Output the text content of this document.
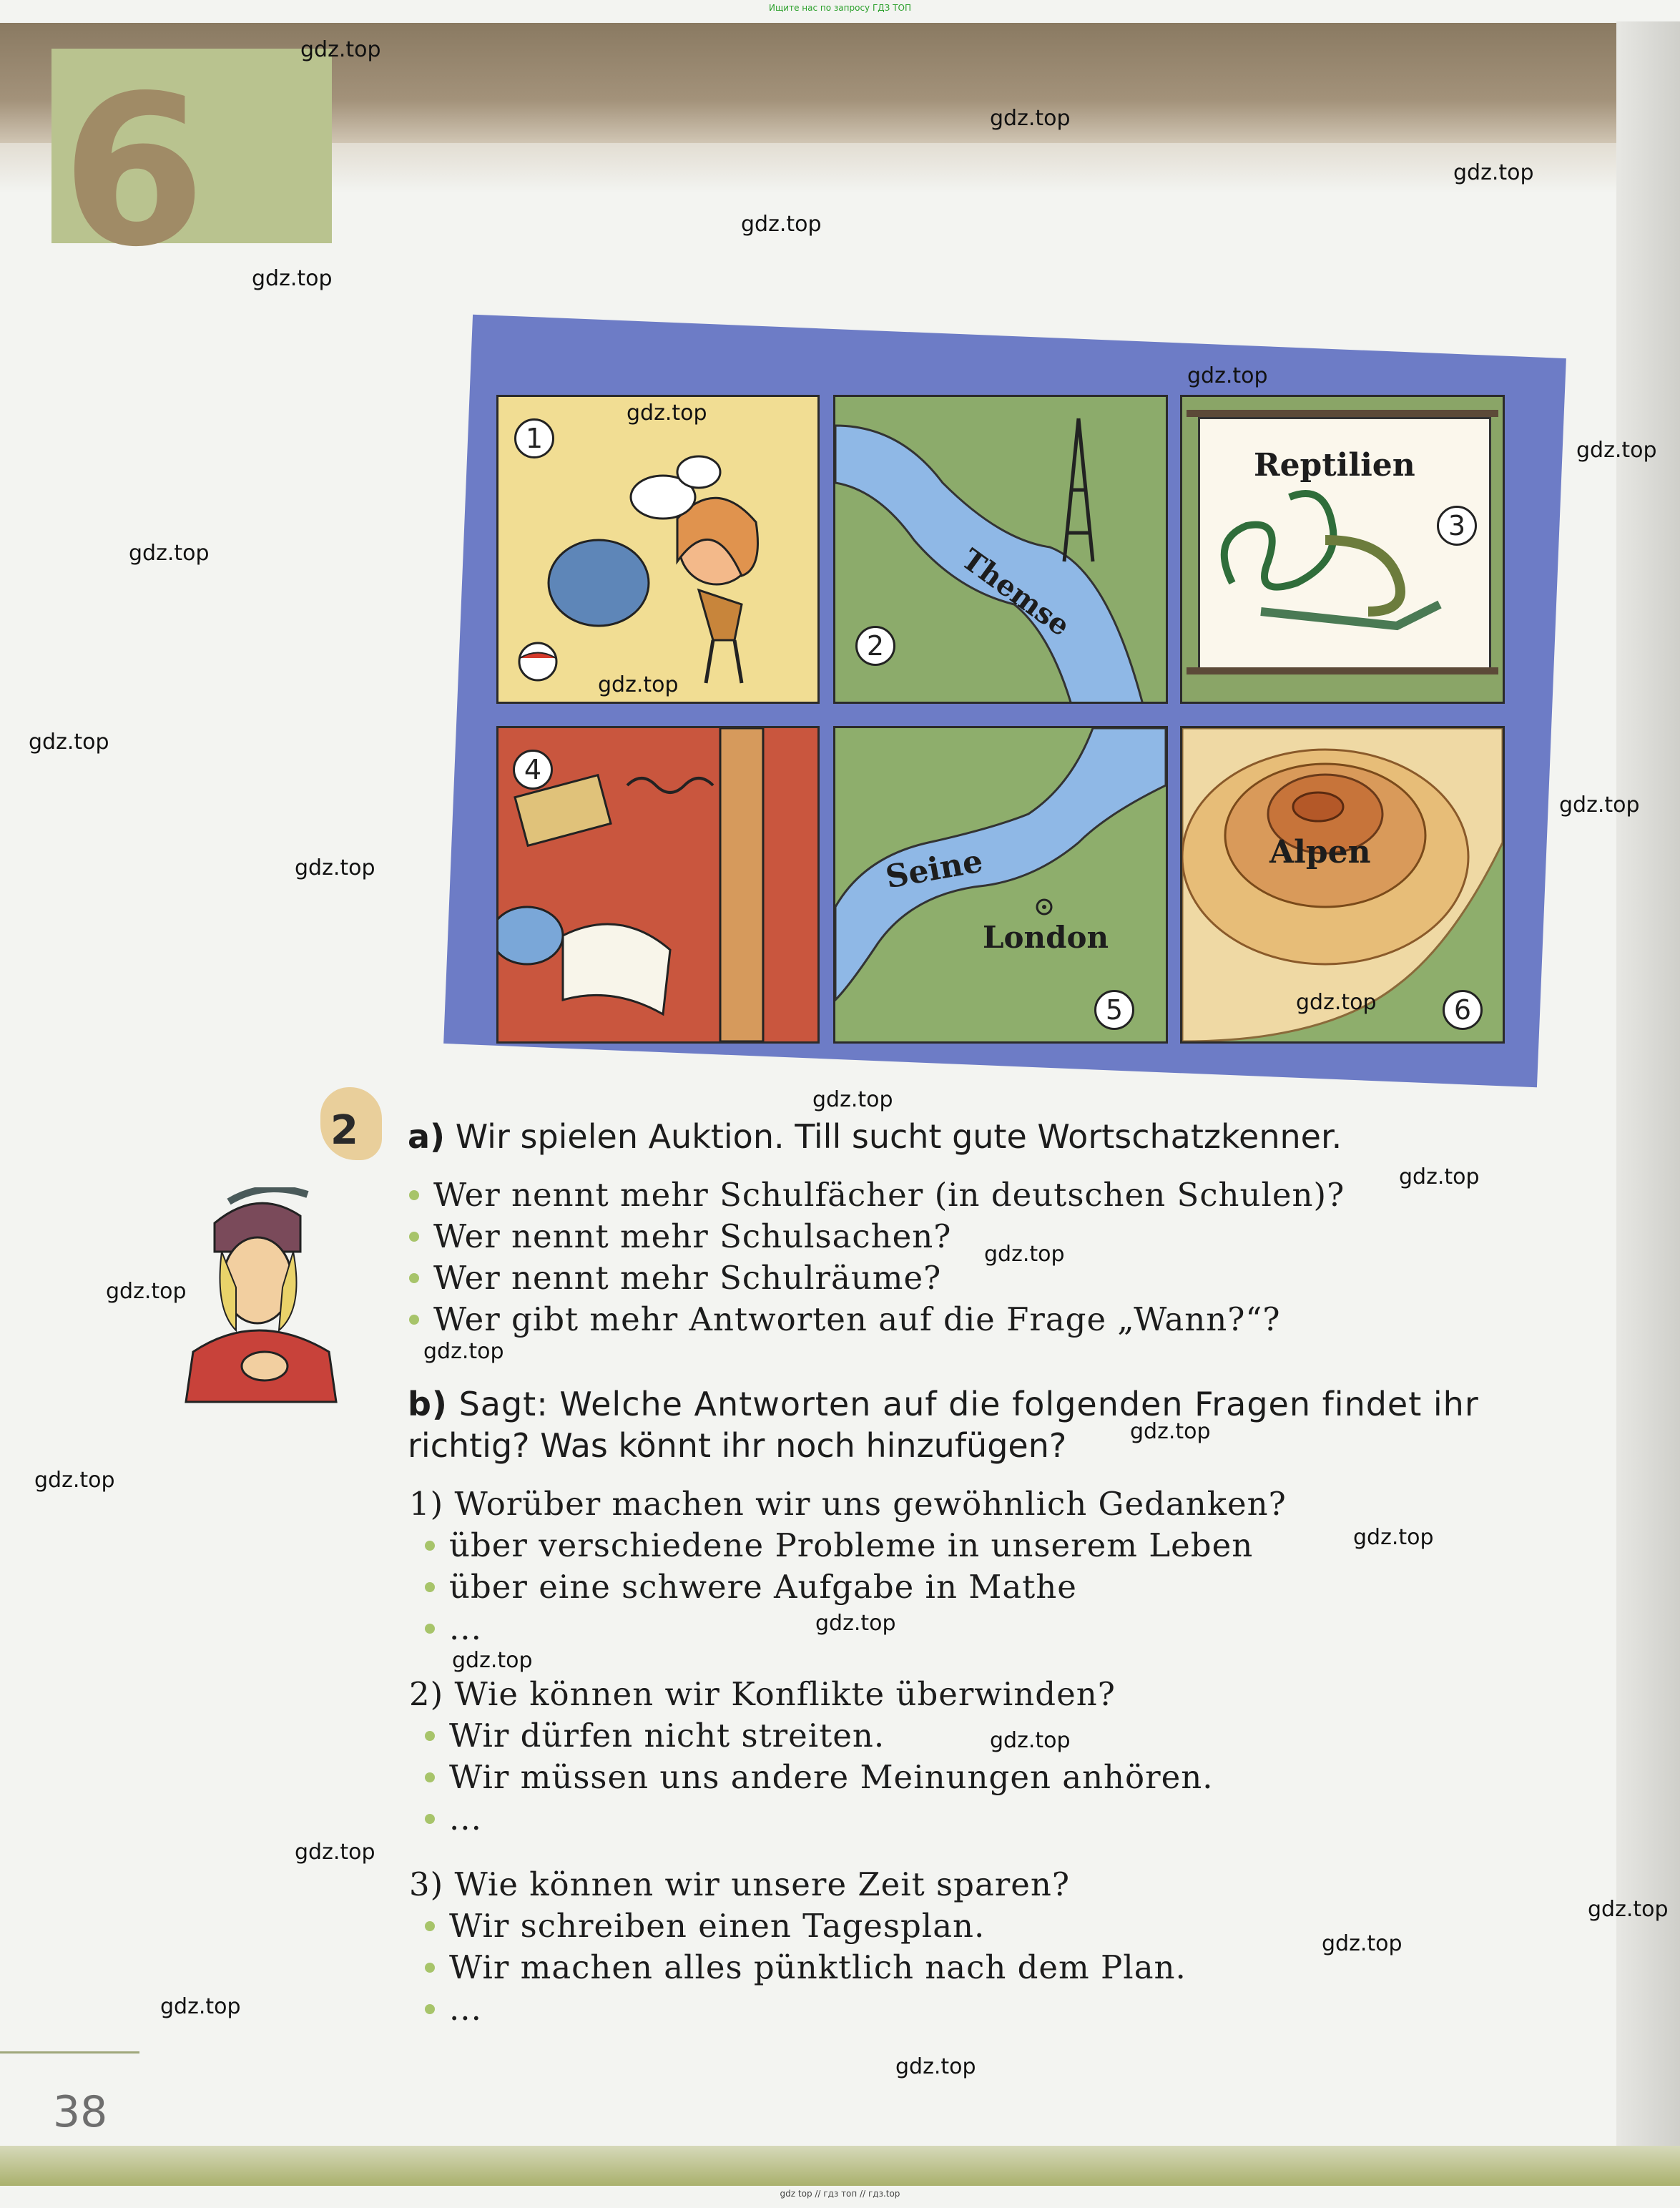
Ищите нас по запросу ГДЗ ТОП
6
1
Themse
2
Reptilien
3
4
Seine
London
5
Alpen
6
2 a) Wir spielen Auktion. Till sucht gute Wortschatzkenner.
Wer nennt mehr Schulfächer (in deutschen Schulen)?
Wer nennt mehr Schulsachen?
Wer nennt mehr Schulräume?
Wer gibt mehr Antworten auf die Frage „Wann?“?
b) Sagt: Welche Antworten auf die folgenden Fragen findet ihr
richtig? Was könnt ihr noch hinzufügen?
1) Worüber machen wir uns gewöhnlich Gedanken?
über verschiedene Probleme in unserem Leben
über eine schwere Aufgabe in Mathe
...
2) Wie können wir Konflikte überwinden?
Wir dürfen nicht streiten.
Wir müssen uns andere Meinungen anhören.
...
3) Wie können wir unsere Zeit sparen?
Wir schreiben einen Tagesplan.
Wir machen alles pünktlich nach dem Plan.
...
38
gdz top // гдз топ // гдз.top
gdz.top
gdz.top
gdz.top
gdz.top
gdz.top
gdz.top
gdz.top
gdz.top
gdz.top
gdz.top
gdz.top
gdz.top
gdz.top
gdz.top
gdz.top
gdz.top
gdz.top
gdz.top
gdz.top
gdz.top
gdz.top
gdz.top
gdz.top
gdz.top
gdz.top
gdz.top
gdz.top
gdz.top
gdz.top
gdz.top
